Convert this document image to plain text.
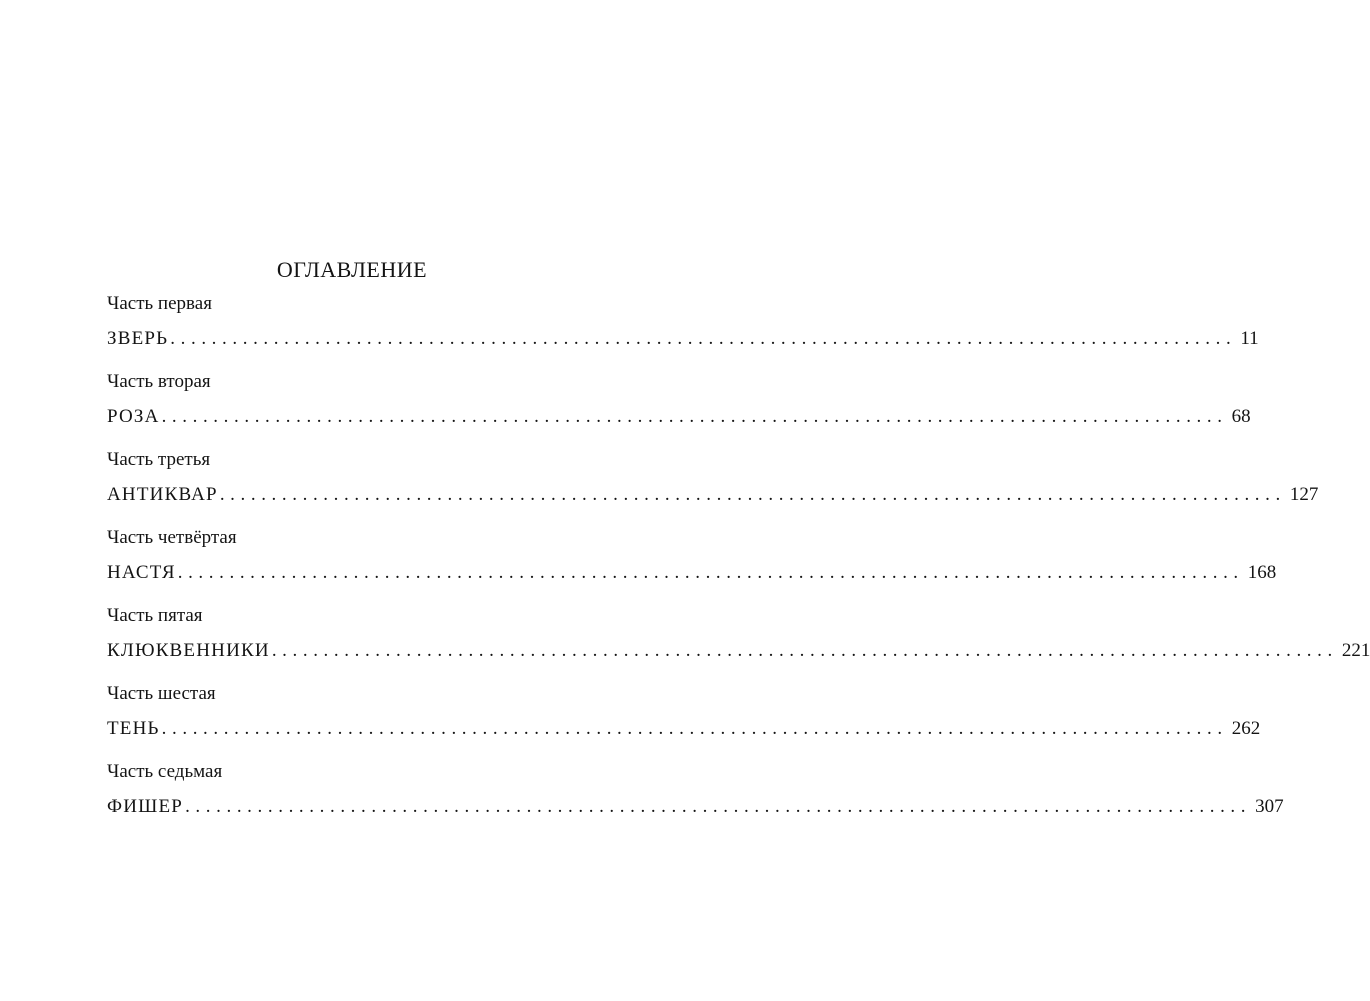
ОГЛАВЛЕНИЕ
Часть первая
ЗВЕРЬ ....................................................................................................... 11
Часть вторая
РОЗА ....................................................................................................... 68
Часть третья
АНТИКВАР ....................................................................................................... 127
Часть четвёртая
НАСТЯ ....................................................................................................... 168
Часть пятая
КЛЮКВЕННИКИ ....................................................................................................... 221
Часть шестая
ТЕНЬ ....................................................................................................... 262
Часть седьмая
ФИШЕР ....................................................................................................... 307
